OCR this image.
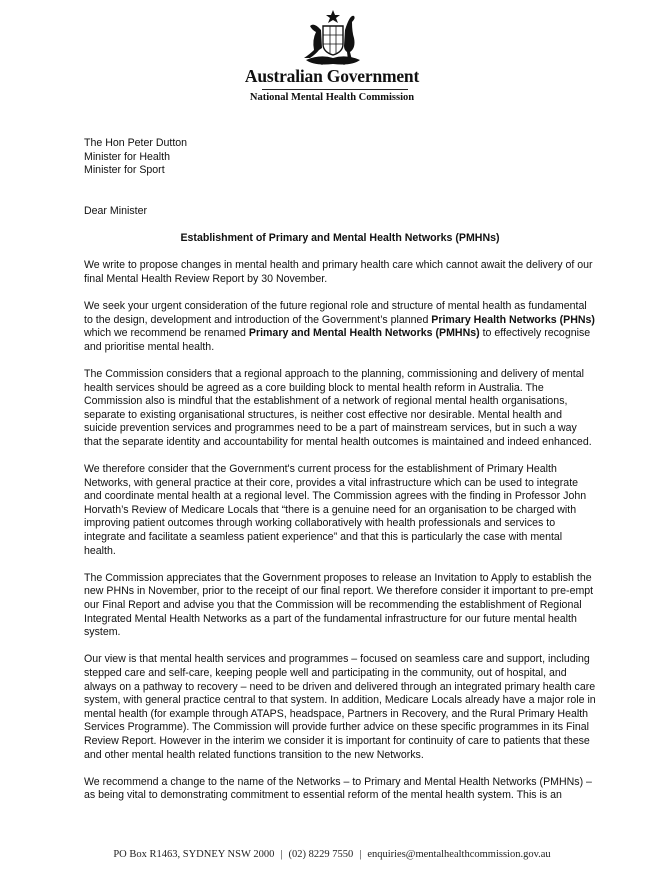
Australian Government
National Mental Health Commission
The Hon Peter Dutton
Minister for Health
Minister for Sport

Dear Minister

Establishment of Primary and Mental Health Networks (PMHNs)

We write to propose changes in mental health and primary health care which cannot await the delivery of our final Mental Health Review Report by 30 November.

We seek your urgent consideration of the future regional role and structure of mental health as fundamental to the design, development and introduction of the Government’s planned Primary Health Networks (PHNs) which we recommend be renamed Primary and Mental Health Networks (PMHNs) to effectively recognise and prioritise mental health.

The Commission considers that a regional approach to the planning, commissioning and delivery of mental health services should be agreed as a core building block to mental health reform in Australia. The Commission also is mindful that the establishment of a network of regional mental health organisations, separate to existing organisational structures, is neither cost effective nor desirable. Mental health and suicide prevention services and programmes need to be a part of mainstream services, but in such a way that the separate identity and accountability for mental health outcomes is maintained and indeed enhanced.

We therefore consider that the Government's current process for the establishment of Primary Health Networks, with general practice at their core, provides a vital infrastructure which can be used to integrate and coordinate mental health at a regional level. The Commission agrees with the finding in Professor John Horvath’s Review of Medicare Locals that “there is a genuine need for an organisation to be charged with improving patient outcomes through working collaboratively with health professionals and services to integrate and facilitate a seamless patient experience” and that this is particularly the case with mental health.

The Commission appreciates that the Government proposes to release an Invitation to Apply to establish the new PHNs in November, prior to the receipt of our final report. We therefore consider it important to pre-empt our Final Report and advise you that the Commission will be recommending the establishment of Regional Integrated Mental Health Networks as a part of the fundamental infrastructure for our future mental health system.

Our view is that mental health services and programmes – focused on seamless care and support, including stepped care and self-care, keeping people well and participating in the community, out of hospital, and always on a pathway to recovery – need to be driven and delivered through an integrated primary health care system, with general practice central to that system. In addition, Medicare Locals already have a major role in mental health (for example through ATAPS, headspace, Partners in Recovery, and the Rural Primary Health Services Programme). The Commission will provide further advice on these specific programmes in its Final Review Report. However in the interim we consider it is important for continuity of care to patients that these and other mental health related functions transition to the new Networks.

We recommend a change to the name of the Networks – to Primary and Mental Health Networks (PMHNs) – as being vital to demonstrating commitment to essential reform of the mental health system. This is an

PO Box R1463, SYDNEY NSW 2000 | (02) 8229 7550 | enquiries@mentalhealthcommission.gov.au
